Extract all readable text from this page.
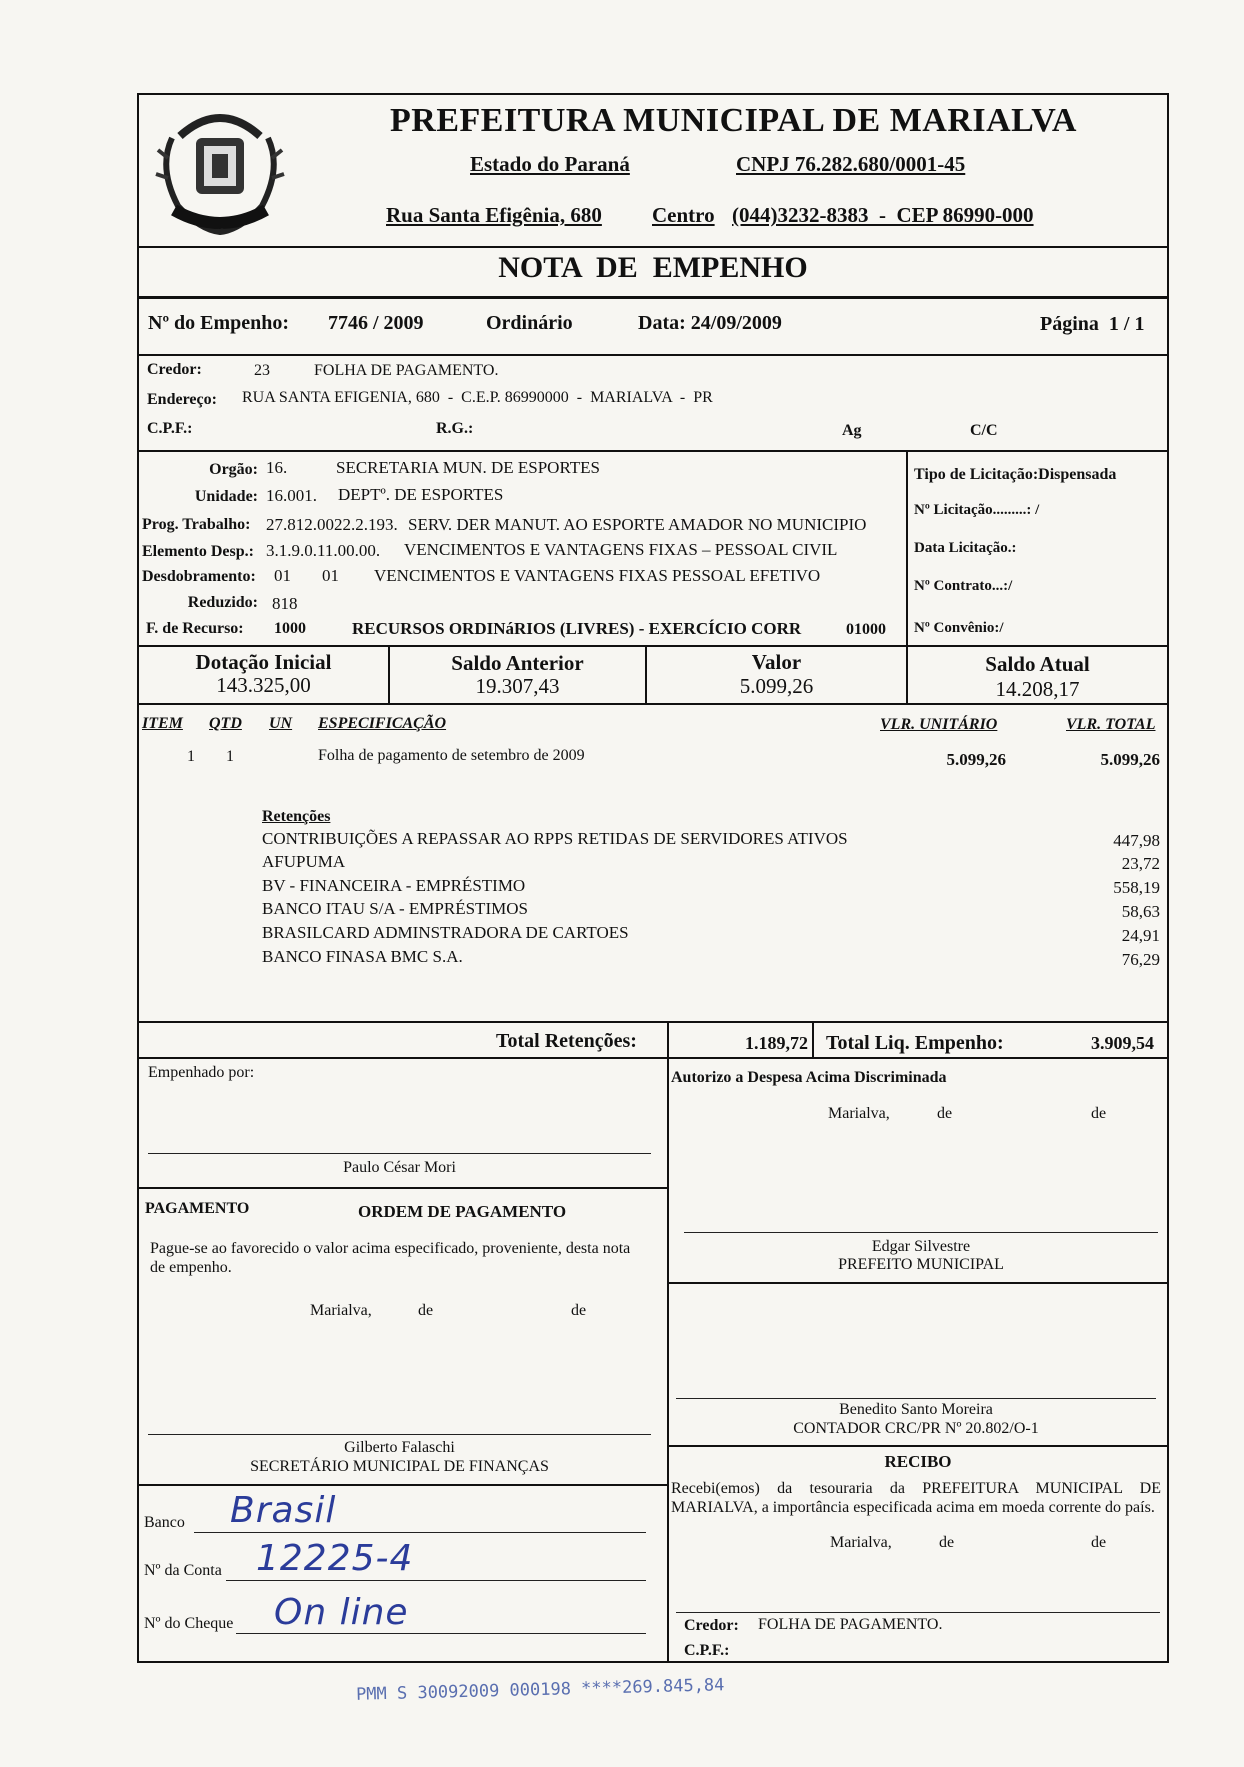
PREFEITURA MUNICIPAL DE MARIALVA
Estado do Paraná	CNPJ 76.282.680/0001-45
Rua Santa Efigênia, 680 Centro (044)3232-8383  -  CEP 86990-000
NOTA  DE  EMPENHO
Nº do Empenho: 7746 / 2009	Ordinário	Data: 24/09/2009	Página  1 / 1
Credor:	23	FOLHA DE PAGAMENTO.
Endereço: RUA SANTA EFIGENIA, 680  -  C.E.P. 86990000  -  MARIALVA  -  PR
C.P.F.:	R.G.:	Ag	C/C
Orgão: 16.	SECRETARIA MUN. DE ESPORTES
Unidade: 16.001. DEPTº. DE ESPORTES
Prog. Trabalho: 27.812.0022.2.193. SERV. DER MANUT. AO ESPORTE AMADOR NO MUNICIPIO
Elemento Desp.: 3.1.9.0.11.00.00. VENCIMENTOS E VANTAGENS FIXAS – PESSOAL CIVIL
Desdobramento: 01 01 VENCIMENTOS E VANTAGENS FIXAS PESSOAL EFETIVO
Reduzido: 818
F. de Recurso: 1000	RECURSOS ORDINáRIOS (LIVRES) - EXERCÍCIO CORR	01000
Tipo de Licitação:Dispensada
Nº Licitação.........: /
Data Licitação.:
Nº Contrato...:/
Nº Convênio:/
Dotação Inicial
143.325,00
Saldo Anterior
19.307,43
Valor
5.099,26
Saldo Atual
14.208,17
ITEM QTD UN ESPECIFICAÇÃO	VLR. UNITÁRIO	VLR. TOTAL
1 1	Folha de pagamento de setembro de 2009	5.099,26	5.099,26
Retenções
CONTRIBUIÇÕES A REPASSAR AO RPPS RETIDAS DE SERVIDORES ATIVOS	447,98
AFUPUMA	23,72
BV - FINANCEIRA - EMPRÉSTIMO	558,19
BANCO ITAU S/A - EMPRÉSTIMOS	58,63
BRASILCARD ADMINSTRADORA DE CARTOES	24,91
BANCO FINASA BMC S.A.	76,29
Total Retenções:	1.189,72 Total Liq. Empenho:	3.909,54
Empenhado por:
Paulo César Mori
PAGAMENTO	ORDEM DE PAGAMENTO
Pague-se ao favorecido o valor acima especificado, proveniente, desta nota de empenho.
Marialva,	de	de
Gilberto Falaschi
SECRETÁRIO MUNICIPAL DE FINANÇAS
Banco Brasil
Nº da Conta 12225-4
Nº do Cheque On line
Autorizo a Despesa Acima Discriminada
Marialva,	de	de
Edgar Silvestre
PREFEITO MUNICIPAL
Benedito Santo Moreira
CONTADOR CRC/PR Nº 20.802/O-1
RECIBO
Recebi(emos) da tesouraria da PREFEITURA MUNICIPAL DE MARIALVA, a importância especificada acima em moeda corrente do país.
Marialva,	de	de
Credor: FOLHA DE PAGAMENTO.
C.P.F.:
PMM S 30092009 000198 ****269.845,84
